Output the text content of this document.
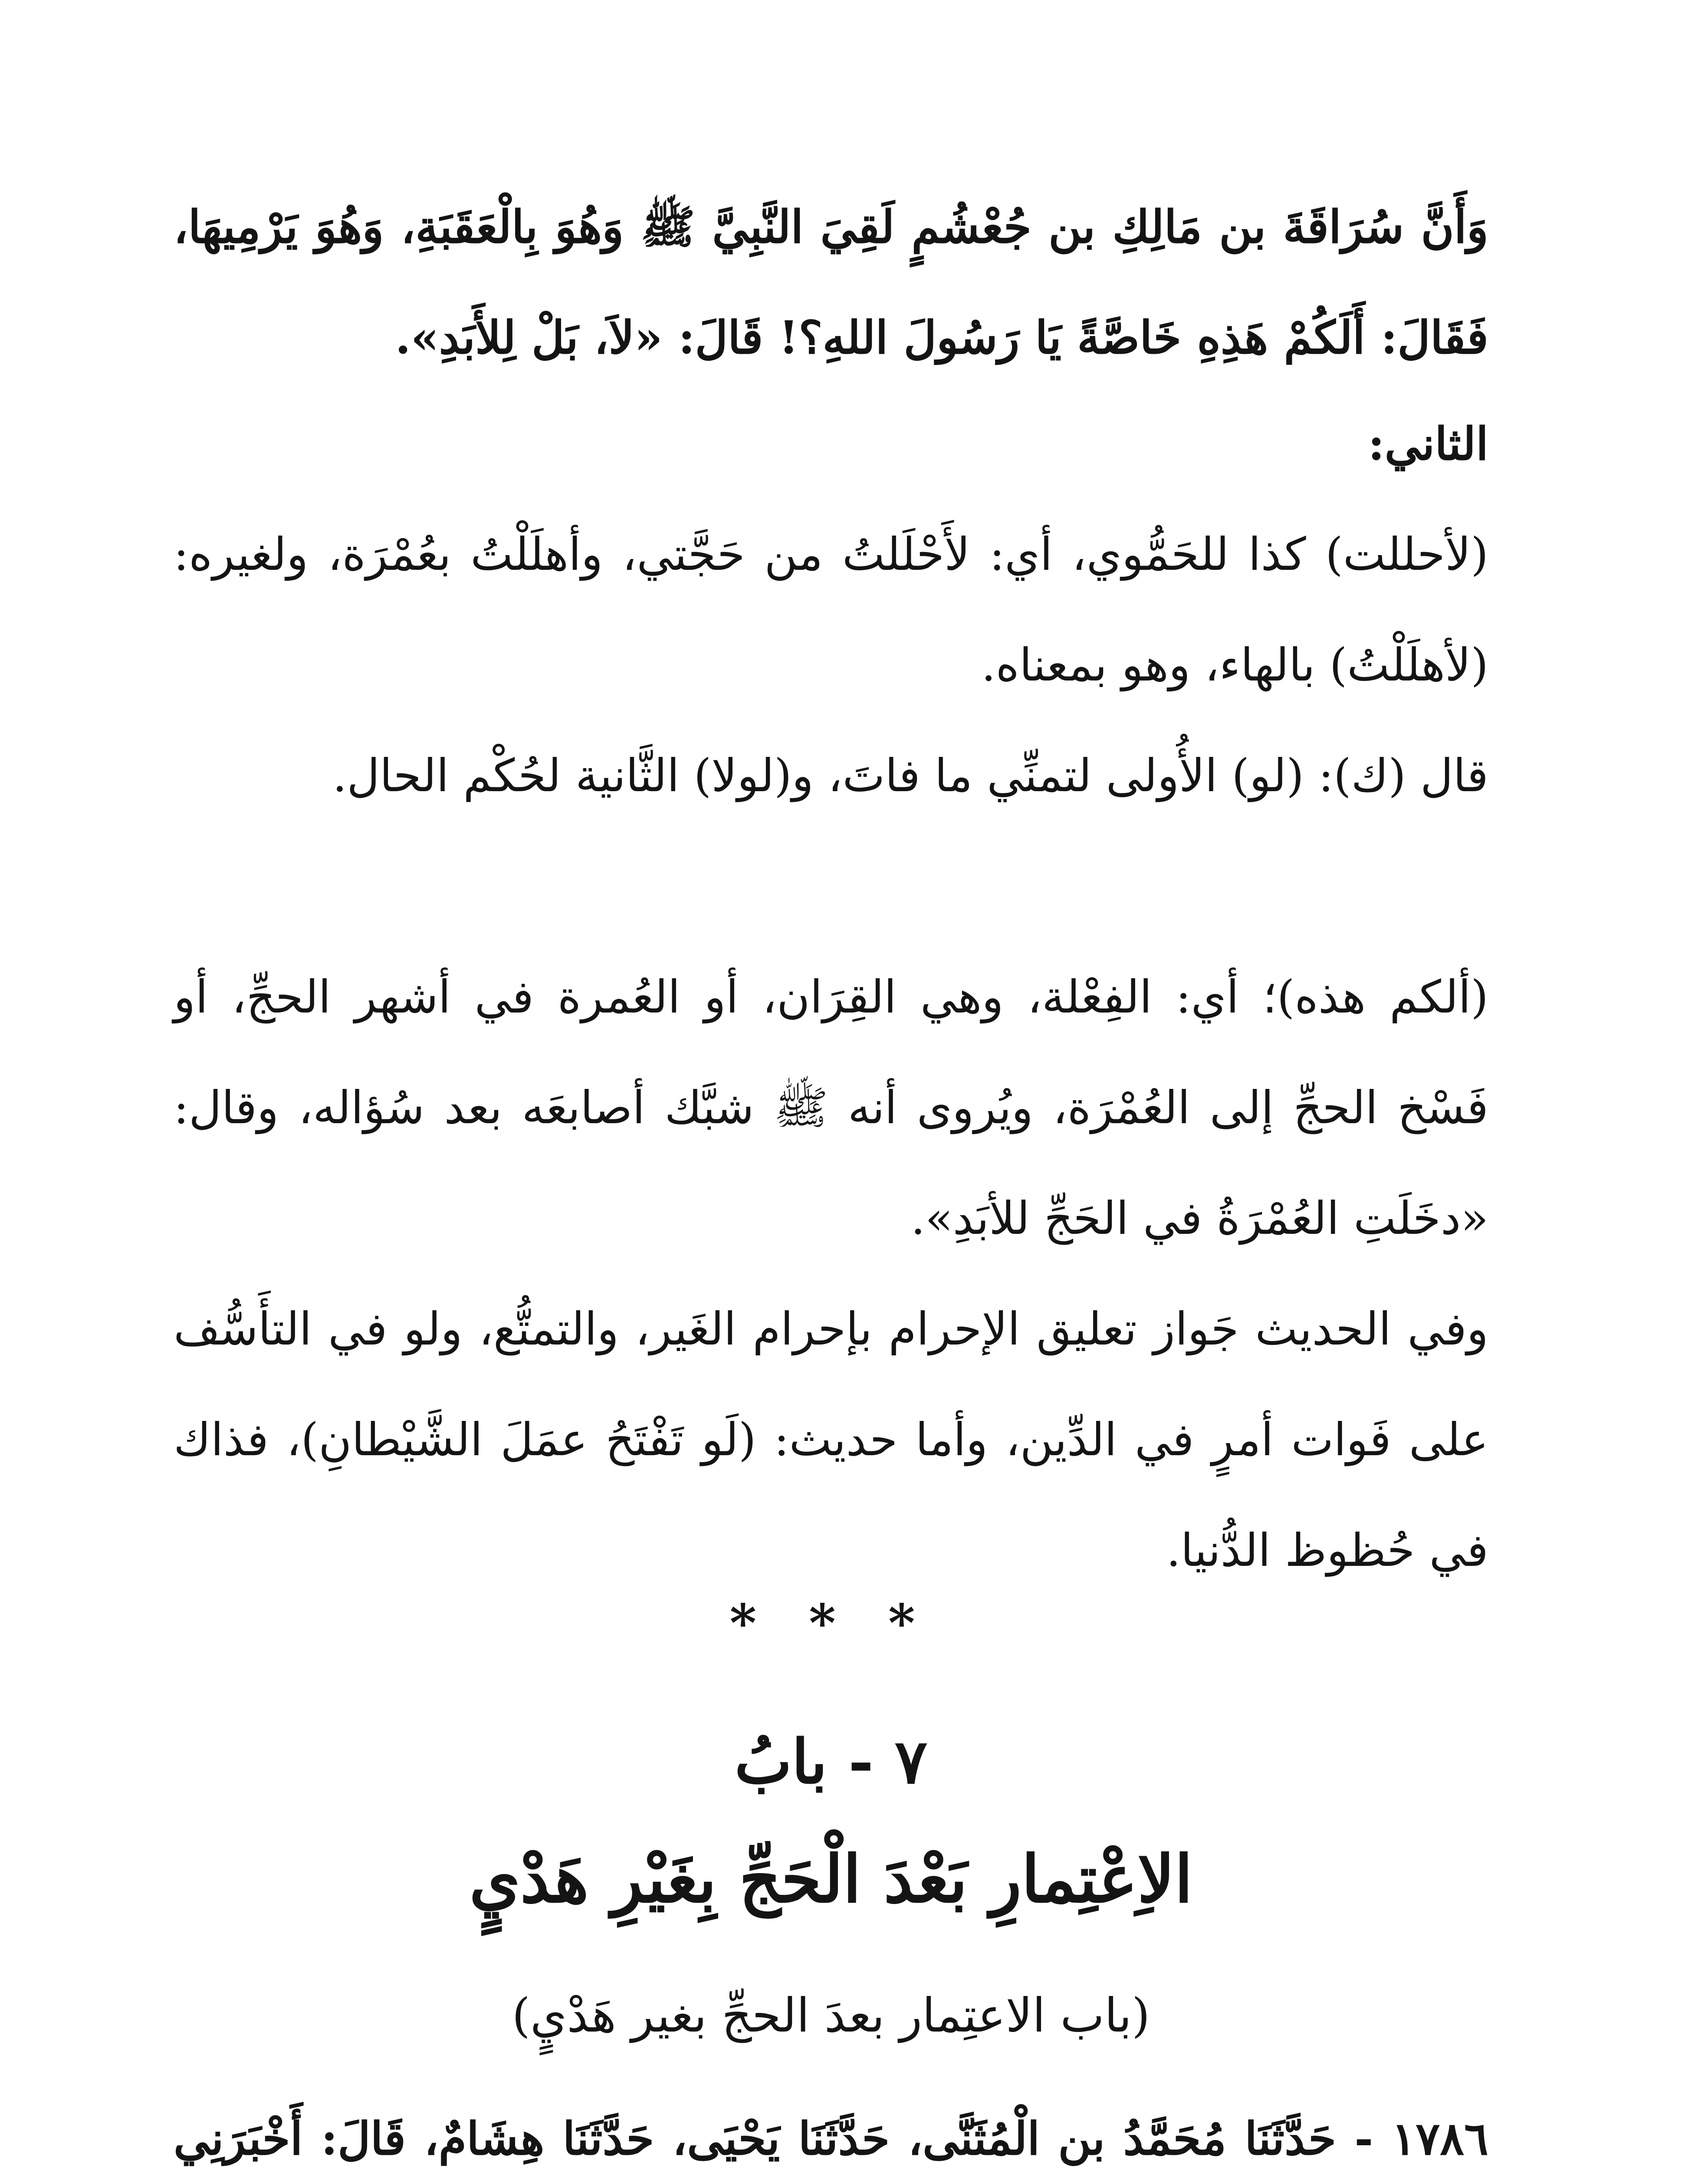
وَأَنَّ سُرَاقَةَ بن مَالِكِ بن جُعْشُمٍ لَقِيَ النَّبِيَّ ﷺ وَهُوَ بِالْعَقَبَةِ، وَهُوَ يَرْمِيهَا، فَقَالَ: أَلَكُمْ هَذِهِ خَاصَّةً يَا رَسُولَ اللهِ؟! قَالَ: «لاَ، بَلْ لِلأَبَدِ».

الثاني:

(لأحللت) كذا للحَمُّوي، أي: لأَحْلَلتُ من حَجَّتي، وأهلَلْتُ بعُمْرَة، ولغيره: (لأهلَلْتُ) بالهاء، وهو بمعناه.

قال (ك): (لو) الأُولى لتمنِّي ما فاتَ، و(لولا) الثَّانية لحُكْم الحال.

(ألكم هذه)؛ أي: الفِعْلة، وهي القِرَان، أو العُمرة في أشهر الحجِّ، أو فَسْخ الحجِّ إلى العُمْرَة، ويُروى أنه ﷺ شبَّك أصابعَه بعد سُؤاله، وقال: «دخَلَتِ العُمْرَةُ في الحَجِّ للأبَدِ».

وفي الحديث جَواز تعليق الإحرام بإحرام الغَير، والتمتُّع، ولو في التأَسُّف على فَوات أمرٍ في الدِّين، وأما حديث: (لَو تَفْتَحُ عمَلَ الشَّيْطانِ)، فذاك في حُظوظ الدُّنيا.

* * *

٧ - بابُ

الاِعْتِمارِ بَعْدَ الْحَجِّ بِغَيْرِ هَدْيٍ

(باب الاعتِمار بعدَ الحجِّ بغير هَدْيٍ)

١٧٨٦ - حَدَّثَنَا مُحَمَّدُ بن الْمُثَنَّى، حَدَّثَنَا يَحْيَى، حَدَّثَنَا هِشَامٌ، قَالَ: أَخْبَرَنِي
